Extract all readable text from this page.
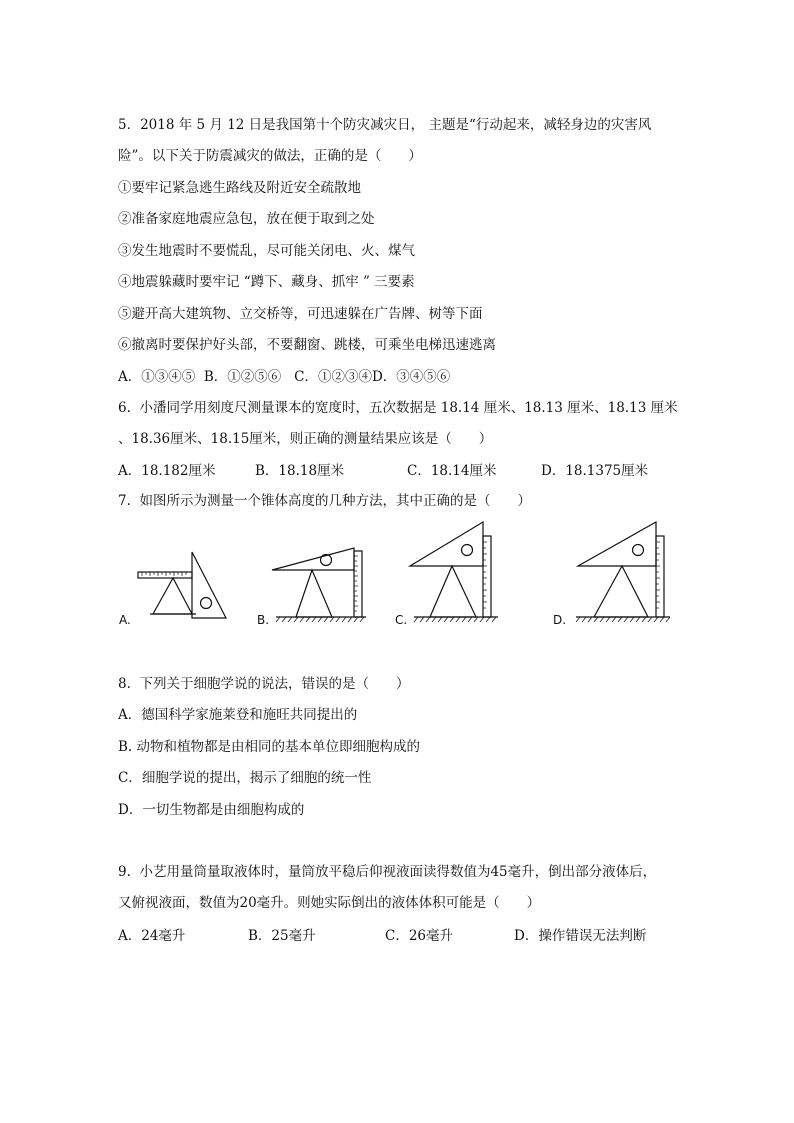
5．2018 年 5 月 12 日是我国第十个防灾减灾日， 主题是“行动起来，减轻身边的灾害风
险”。以下关于防震减灾的做法，正确的是（　　）
①要牢记紧急逃生路线及附近安全疏散地
②准备家庭地震应急包，放在便于取到之处
③发生地震时不要慌乱，尽可能关闭电、火、煤气
④地震躲藏时要牢记 “蹲下、藏身、抓牢 ” 三要素
⑤避开高大建筑物、立交桥等，可迅速躲在广告牌、树等下面
⑥撤离时要保护好头部，不要翻窗、跳楼，可乘坐电梯迅速逃离
A．①③④⑤  B．①②⑤⑥   C．①②③④D．③④⑤⑥
6.  小潘同学用刻度尺测量课本的宽度时，五次数据是 18.14 厘米、18.13 厘米、18.13 厘米
、18.36厘米、18.15厘米，则正确的测量结果应该是（　　）

A．18.182厘米

	B．18.18厘米

	C．18.14厘米

	D．18.1375厘米

7.  如图所示为测量一个锥体高度的几种方法，其中正确的是（　　）
A.	B.	C.	D.
8.  下列关于细胞学说的说法，错误的是（　　）
A．德国科学家施莱登和施旺共同提出的
B. 动物和植物都是由相同的基本单位即细胞构成的
C．细胞学说的提出，揭示了细胞的统一性
D．一切生物都是由细胞构成的
9.  小艺用量筒量取液体时，量筒放平稳后仰视液面读得数值为45毫升，倒出部分液体后，
又俯视液面，数值为20毫升。则她实际倒出的液体体积可能是（　　）

A．24毫升

	B．25毫升

	C．26毫升

	D．操作错误无法判断
